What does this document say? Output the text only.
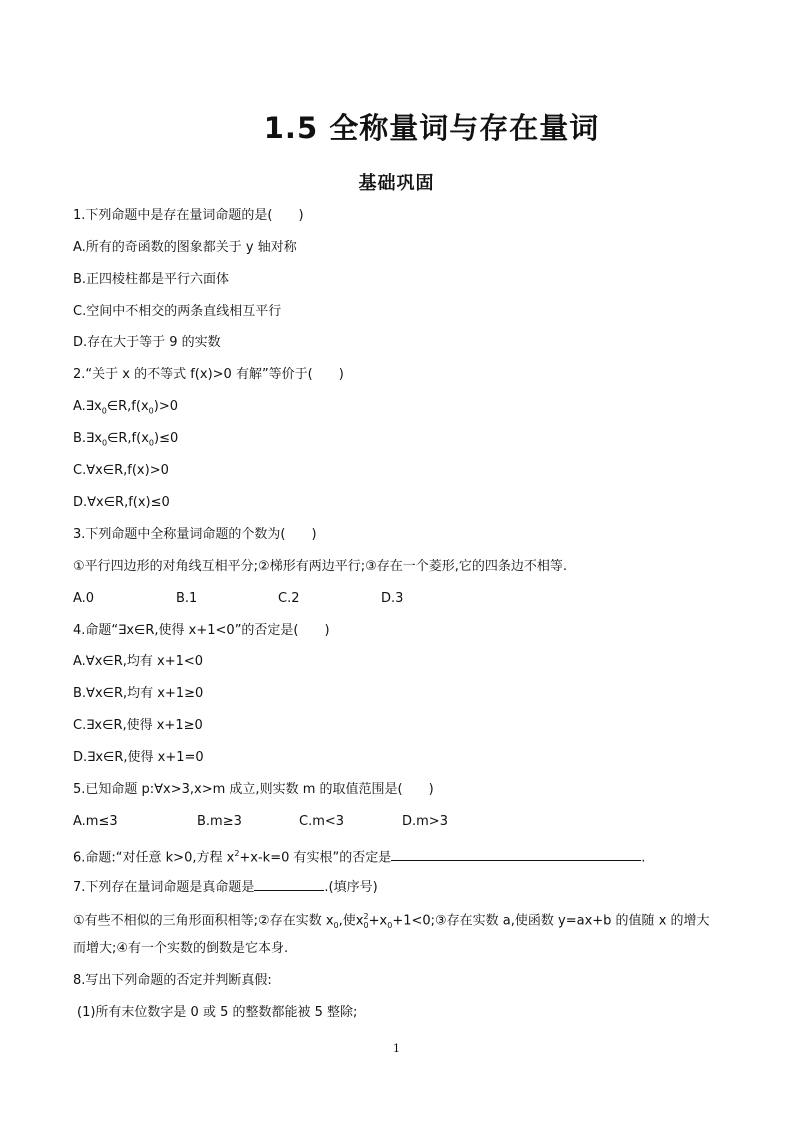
1.5 全称量词与存在量词
基础巩固
1.下列命题中是存在量词命题的是(　　)
A.所有的奇函数的图象都关于 y 轴对称
B.正四棱柱都是平行六面体
C.空间中不相交的两条直线相互平行
D.存在大于等于 9 的实数
2.“关于 x 的不等式 f(x)>0 有解”等价于(　　)
$A.\exists x_0\in R,f(x_0)>0$
$B.\exists x_0\in R,f(x_0)\le 0$
C.∀x∈R,f(x)>0
D.∀x∈R,f(x)≤0
3.下列命题中全称量词命题的个数为(　　)
①平行四边形的对角线互相平分;②梯形有两边平行;③存在一个菱形,它的四条边不相等.
A.0	B.1	C.2	D.3
4.命题“∃x∈R,使得 x+1<0”的否定是(　　)
A.∀x∈R,均有 x+1<0
B.∀x∈R,均有 x+1≥0
C.∃x∈R,使得 x+1≥0
D.∃x∈R,使得 x+1=0
5.已知命题 p:∀x>3,x>m 成立,则实数 m 的取值范围是(　　)
A.m≤3	B.m≥3	C.m<3	D.m>3
6.命题:“对任意 k>0,方程 $x^2+x-k=0$ 有实根”的否定是	.
7.下列存在量词命题是真命题是	.(填序号)
①有些不相似的三角形面积相等;②存在实数 $x_0$,使$x^2_0+x_0+1<0;③$存在实数 a,使函数 y=ax+b 的值随 x 的增大
而增大;④有一个实数的倒数是它本身.
8.写出下列命题的否定并判断真假:
(1)所有末位数字是 0 或 5 的整数都能被 5 整除;
1
